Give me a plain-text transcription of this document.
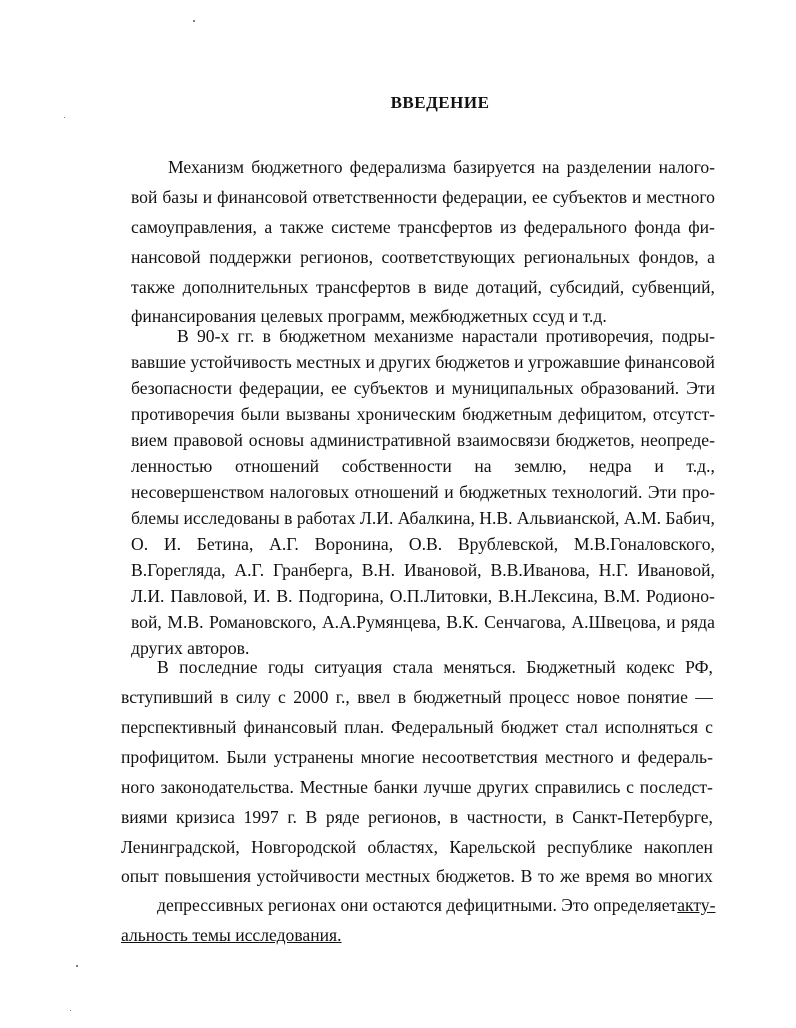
ВВЕДЕНИЕ
Механизм бюджетного федерализма базируется на разделении налого-
вой базы и финансовой ответственности федерации, ее субъектов и местного
самоуправления, а также системе трансфертов из федерального фонда фи-
нансовой поддержки регионов, соответствующих региональных фондов, а
также дополнительных трансфертов в виде дотаций, субсидий, субвенций,
финансирования целевых программ, межбюджетных ссуд и т.д.
В 90-х гг. в бюджетном механизме нарастали противоречия, подры-
вавшие устойчивость местных и других бюджетов и угрожавшие финансовой
безопасности федерации, ее субъектов и муниципальных образований. Эти
противоречия были вызваны хроническим бюджетным дефицитом, отсутст-
вием правовой основы административной взаимосвязи бюджетов, неопреде-
ленностью отношений собственности на землю, недра и т.д.,
несовершенством налоговых отношений и бюджетных технологий. Эти про-
блемы исследованы в работах Л.И. Абалкина, Н.В. Альвианской, А.М. Бабич,
О. И. Бетина, А.Г. Воронина, О.В. Врублевской, М.В.Гоналовского,
В.Горегляда, А.Г. Гранберга, В.Н. Ивановой, В.В.Иванова, Н.Г. Ивановой,
Л.И. Павловой, И. В. Подгорина, О.П.Литовки, В.Н.Лексина, В.М. Родионо-
вой, М.В. Романовского, А.А.Румянцева, В.К. Сенчагова, А.Швецова, и ряда
других авторов.
В последние годы ситуация стала меняться. Бюджетный кодекс РФ,
вступивший в силу с 2000 г., ввел в бюджетный процесс новое понятие —
перспективный финансовый план. Федеральный бюджет стал исполняться с
профицитом. Были устранены многие несоответствия местного и федераль-
ного законодательства. Местные банки лучше других справились с последст-
виями кризиса 1997 г. В ряде регионов, в частности, в Санкт-Петербурге,
Ленинградской, Новгородской областях, Карельской республике накоплен
опыт повышения устойчивости местных бюджетов. В то же время во многих
депрессивных регионах они остаются дефицитными. Это определяет акту-
альность темы исследования.
